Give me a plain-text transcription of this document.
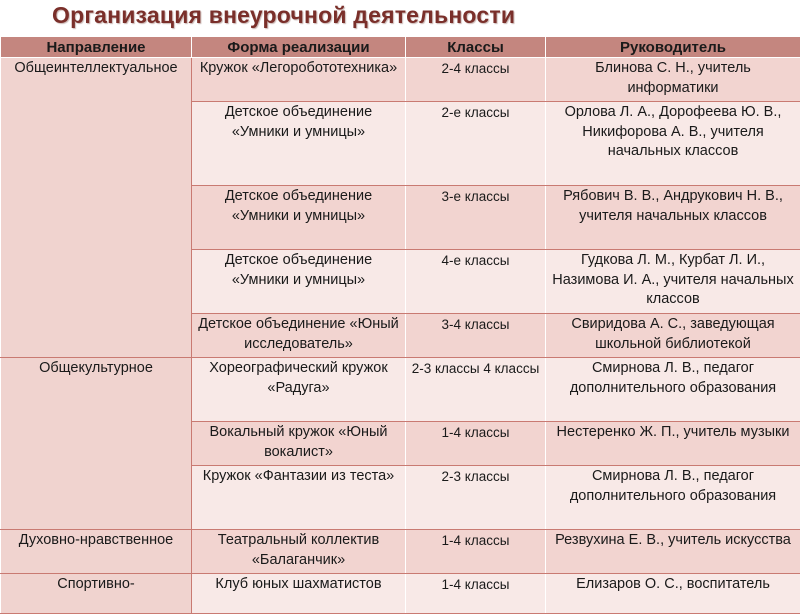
Организация внеурочной деятельности
Направление	Форма реализации	Классы	Руководитель
Общеинтеллектуальное	Кружок «Легоробототехника»	2-4 классы	Блинова С. Н., учитель информатики
	Детское объединение «Умники и умницы»	2-е классы	Орлова Л. А., Дорофеева Ю. В., Никифорова А. В., учителя начальных классов
	Детское объединение «Умники и умницы»	3-е классы	Рябович В. В., Андрукович Н. В., учителя начальных классов
	Детское объединение «Умники и умницы»	4-е классы	Гудкова Л. М., Курбат Л. И., Назимова И. А., учителя начальных классов
	Детское объединение «Юный исследователь»	3-4 классы	Свиридова А. С., заведующая школьной библиотекой
Общекультурное	Хореографический кружок «Радуга»	2-3 классы 4 классы	Смирнова Л. В., педагог дополнительного образования
	Вокальный кружок «Юный вокалист»	1-4 классы	Нестеренко Ж. П., учитель музыки
	Кружок «Фантазии из теста»	2-3 классы	Смирнова Л. В., педагог дополнительного образования
Духовно-нравственное	Театральный коллектив «Балаганчик»	1-4 классы	Резвухина Е. В., учитель искусства
Спортивно-	Клуб юных шахматистов	1-4 классы	Елизаров О. С., воспитатель
